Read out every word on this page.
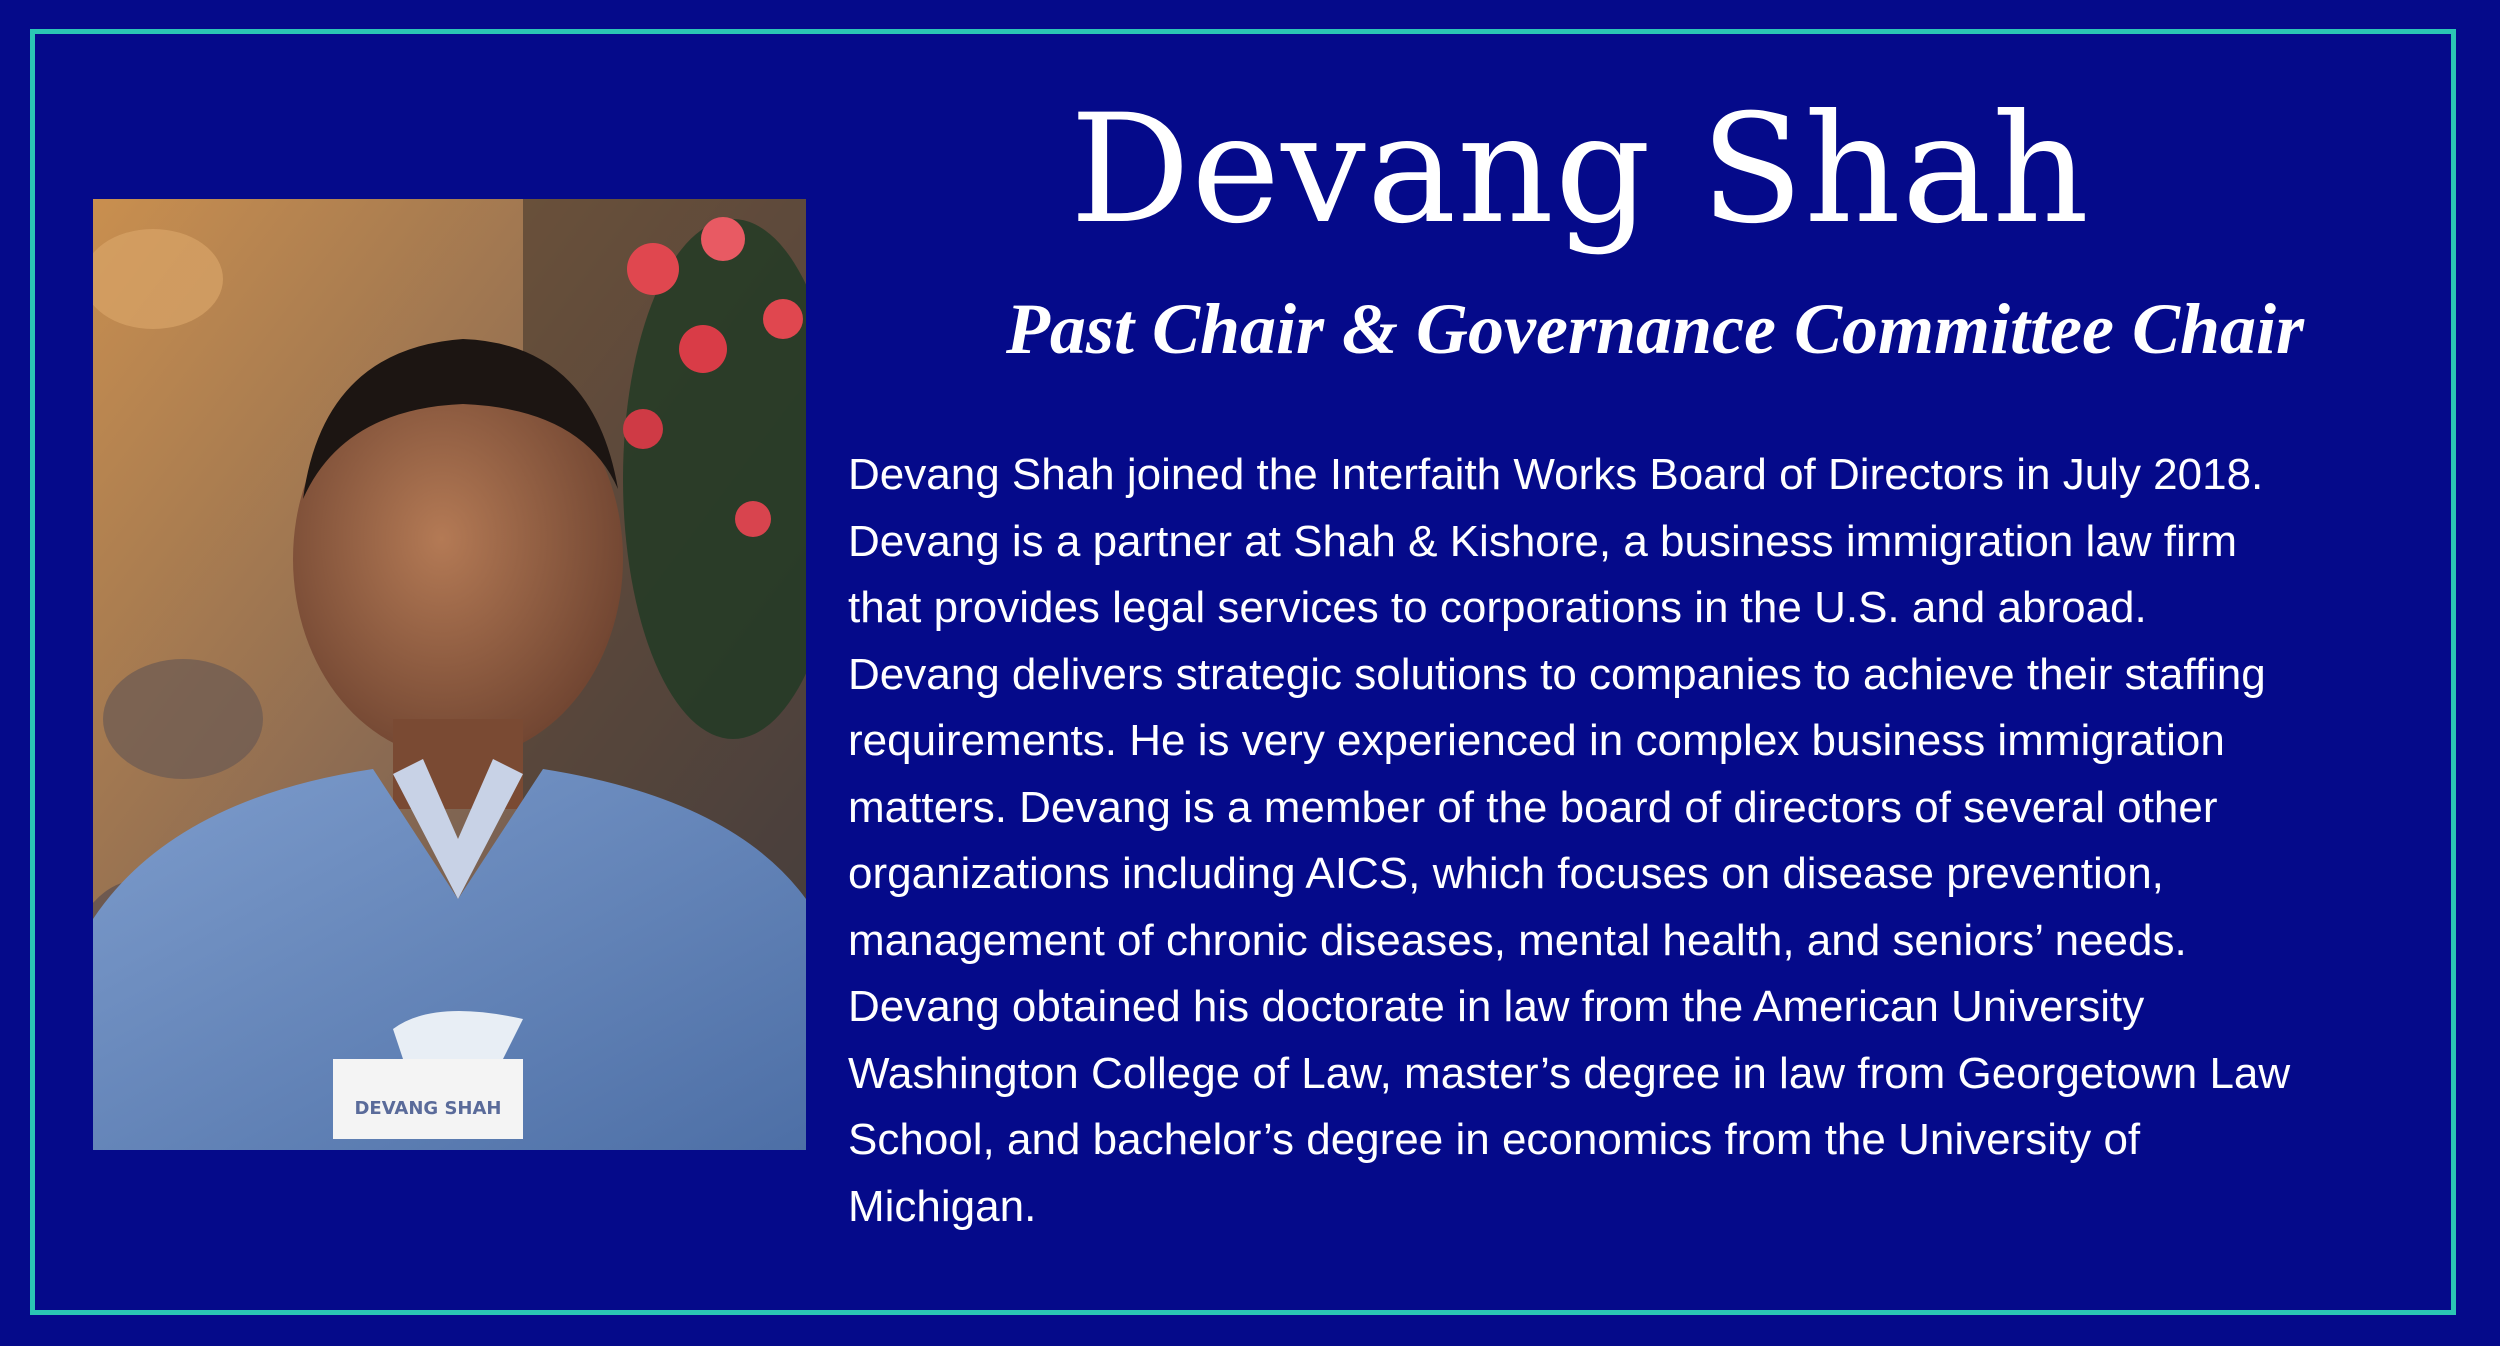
DEVANG SHAH
Devang Shah
Past Chair & Governance Committee Chair

Devang Shah joined the Interfaith Works Board of Directors in July 2018.
Devang is a partner at Shah & Kishore, a business immigration law firm
that provides legal services to corporations in the U.S. and abroad.
Devang delivers strategic solutions to companies to achieve their staffing
requirements. He is very experienced in complex business immigration
matters. Devang is a member of the board of directors of several other
organizations including AICS, which focuses on disease prevention,
management of chronic diseases, mental health, and seniors’ needs.
Devang obtained his doctorate in law from the American University
Washington College of Law, master’s degree in law from Georgetown Law
School, and bachelor’s degree in economics from the University of
Michigan.
